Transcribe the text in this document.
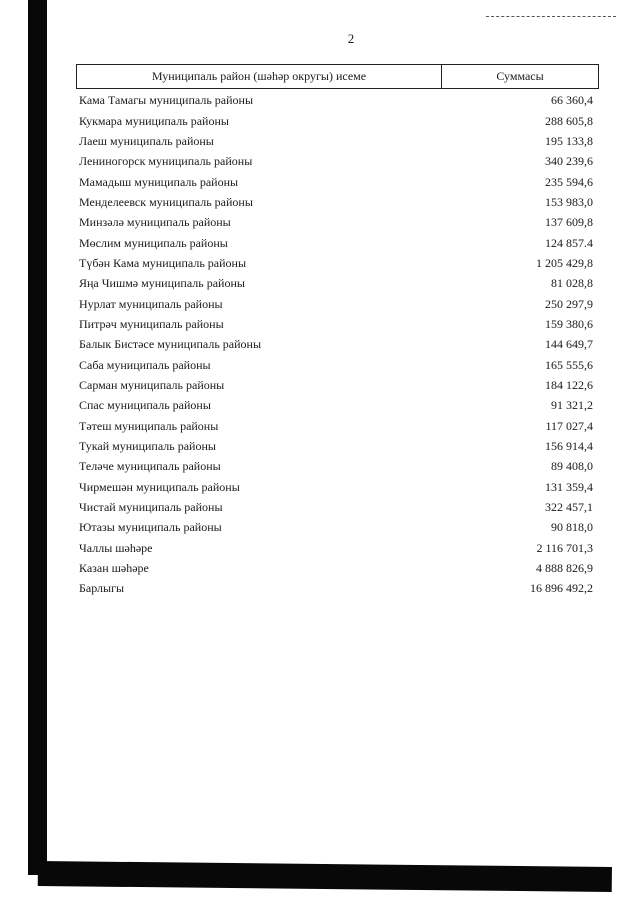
2
Муниципаль район (шәһәр округы) исеме	Суммасы
Кама Тамагы муниципаль районы	66 360,4
Кукмара муниципаль районы	288 605,8
Лаеш муниципаль районы	195 133,8
Лениногорск муниципаль районы	340 239,6
Мамадыш муниципаль районы	235 594,6
Менделеевск муниципаль районы	153 983,0
Минзәлә муниципаль районы	137 609,8
Мөслим муниципаль районы	124 857.4
Түбән Кама муниципаль районы	1 205 429,8
Яңа Чишмә муниципаль районы	81 028,8
Нурлат муниципаль районы	250 297,9
Питрәч муниципаль районы	159 380,6
Балык Бистәсе муниципаль районы	144 649,7
Саба муниципаль районы	165 555,6
Сарман муниципаль районы	184 122,6
Спас муниципаль районы	91 321,2
Тәтеш муниципаль районы	117 027,4
Тукай муниципаль районы	156 914,4
Теләче муниципаль районы	89 408,0
Чирмешән муниципаль районы	131 359,4
Чистай муниципаль районы	322 457,1
Ютазы муниципаль районы	90 818,0
Чаллы шәһәре	2 116 701,3
Казан шәһәре	4 888 826,9
Барлыгы	16 896 492,2
